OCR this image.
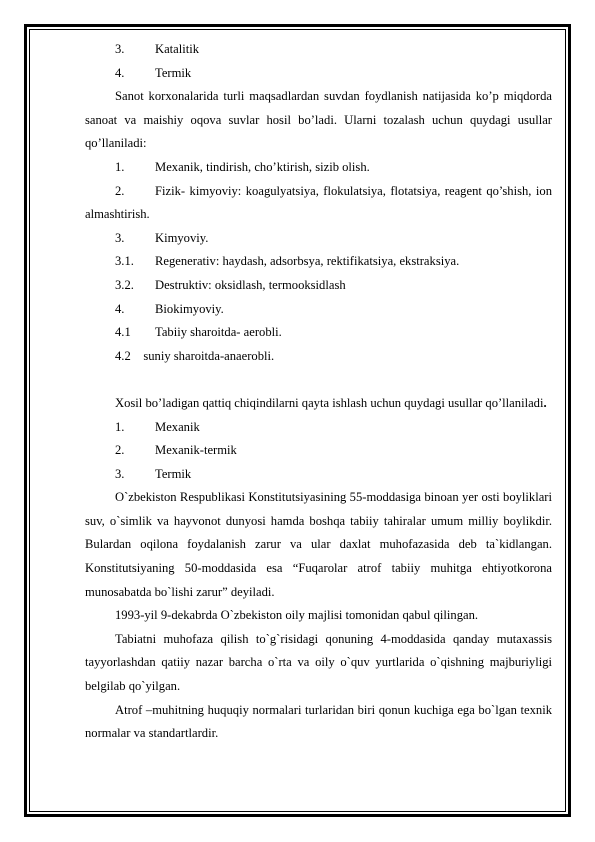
3. Katalitik
4. Termik

Sanot korxonalarida turli maqsadlardan suvdan foydlanish natijasida ko’p miqdorda sanoat va maishiy oqova suvlar hosil bo’ladi. Ularni tozalash uchun quydagi usullar qo’llaniladi:

1. Mexanik, tindirish, cho’ktirish, sizib olish.

2. Fizik- kimyoviy: koagulyatsiya, flokulatsiya, flotatsiya, reagent qo’shish, ion almashtirish.

3. Kimyoviy.
3.1. Regenerativ: haydash, adsorbsya, rektifikatsiya, ekstraksiya.
3.2. Destruktiv: oksidlash, termooksidlash
4. Biokimyoviy.
4.1 Tabiiy sharoitda- aerobli.
4.2    suniy sharoitda-anaerobli.

Xosil bo’ladigan qattiq chiqindilarni qayta ishlash uchun quydagi usullar qo’llaniladi.

1. Mexanik
2. Mexanik-termik
3. Termik

O`zbekiston Respublikasi Konstitutsiyasining 55-moddasiga binoan yer osti boyliklari suv, o`simlik va hayvonot dunyosi hamda boshqa tabiiy tahiralar umum milliy boylikdir. Bulardan oqilona foydalanish zarur va ular daxlat muhofazasida deb ta`kidlangan. Konstitutsiyaning 50-moddasida esa “Fuqarolar atrof tabiiy muhitga ehtiyotkorona munosabatda bo`lishi zarur” deyiladi.

1993-yil 9-dekabrda O`zbekiston oily majlisi tomonidan qabul qilingan.

Tabiatni muhofaza qilish to`g`risidagi qonuning 4-moddasida qanday mutaxassis tayyorlashdan qatiiy nazar barcha o`rta va oily o`quv yurtlarida o`qishning majburiyligi belgilab qo`yilgan.

Atrof –muhitning huquqiy normalari turlaridan biri qonun kuchiga ega bo`lgan texnik normalar va standartlardir.
